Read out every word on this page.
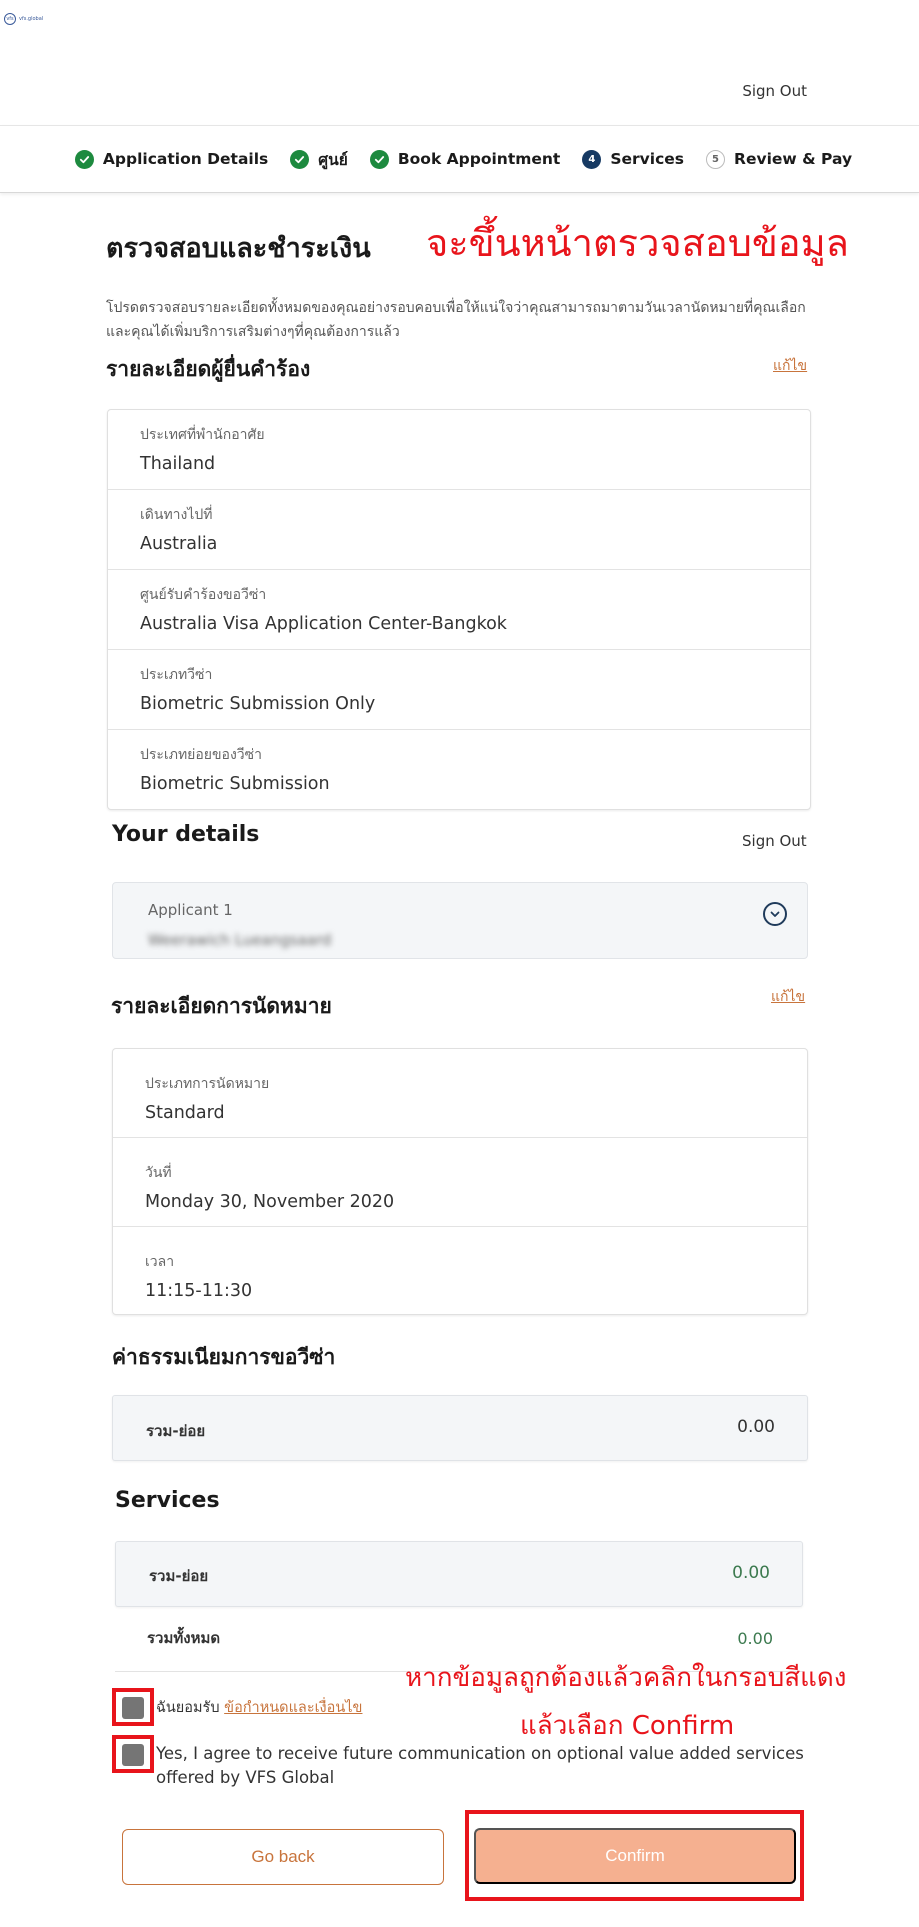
vfs	vfs.global
Sign Out
Application Details	ศูนย์	Book Appointment	4 Services	5 Review & Pay
ตรวจสอบและชำระเงิน จะขึ้นหน้าตรวจสอบข้อมูล

โปรดตรวจสอบรายละเอียดทั้งหมดของคุณอย่างรอบคอบเพื่อให้แน่ใจว่าคุณสามารถมาตามวันเวลานัดหมายที่คุณเลือกและคุณได้เพิ่มบริการเสริมต่างๆที่คุณต้องการแล้ว

รายละเอียดผู้ยื่นคำร้อง	แก้ไข
ประเทศที่พำนักอาศัย
Thailand
เดินทางไปที่
Australia
ศูนย์รับคำร้องขอวีซ่า
Australia Visa Application Center-Bangkok
ประเภทวีซ่า
Biometric Submission Only
ประเภทย่อยของวีซ่า
Biometric Submission
Your details	Sign Out
Applicant 1
Weerawich Lueangsaard
รายละเอียดการนัดหมาย	แก้ไข
ประเภทการนัดหมาย
Standard
วันที่
Monday 30, November 2020
เวลา
11:15-11:30
ค่าธรรมเนียมการขอวีซ่า
รวม-ย่อย	0.00
Services
รวม-ย่อย	0.00
รวมทั้งหมด	0.00
หากข้อมูลถูกต้องแล้วคลิกในกรอบสีแดง
แล้วเลือก Confirm
ฉันยอมรับ ข้อกำหนดและเงื่อนไข
Yes, I agree to receive future communication on optional value added services offered by VFS Global
Go back	Confirm
